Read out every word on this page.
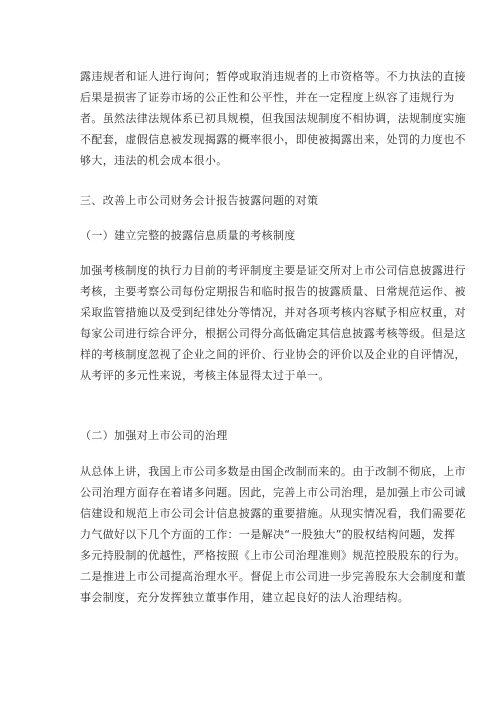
露违规者和证人进行询问；暂停或取消违规者的上市资格等。不力执法的直接
后果是损害了证券市场的公正性和公平性，并在一定程度上纵容了违规行为
者。虽然法律法规体系已初具规模，但我国法规制度不相协调，法规制度实施
不配套，虚假信息被发现揭露的概率很小，即使被揭露出来，处罚的力度也不
够大，违法的机会成本很小。
三、改善上市公司财务会计报告披露问题的对策
（一）建立完整的披露信息质量的考核制度
加强考核制度的执行力目前的考评制度主要是证交所对上市公司信息披露进行
考核，主要考察公司每份定期报告和临时报告的披露质量、日常规范运作、被
采取监管措施以及受到纪律处分等情况，并对各项考核内容赋予相应权重，对
每家公司进行综合评分，根据公司得分高低确定其信息披露考核等级。但是这
样的考核制度忽视了企业之间的评价、行业协会的评价以及企业的自评情况，
从考评的多元性来说，考核主体显得太过于单一。
（二）加强对上市公司的治理
从总体上讲，我国上市公司多数是由国企改制而来的。由于改制不彻底，上市
公司治理方面存在着诸多问题。因此，完善上市公司治理，是加强上市公司诚
信建设和规范上市公司会计信息披露的重要措施。从现实情况看，我们需要花
力气做好以下几个方面的工作：一是解决“一股独大”的股权结构问题，发挥
多元持股制的优越性，严格按照《上市公司治理准则》规范控股股东的行为。
二是推进上市公司提高治理水平。督促上市公司进一步完善股东大会制度和董
事会制度，充分发挥独立董事作用，建立起良好的法人治理结构。
